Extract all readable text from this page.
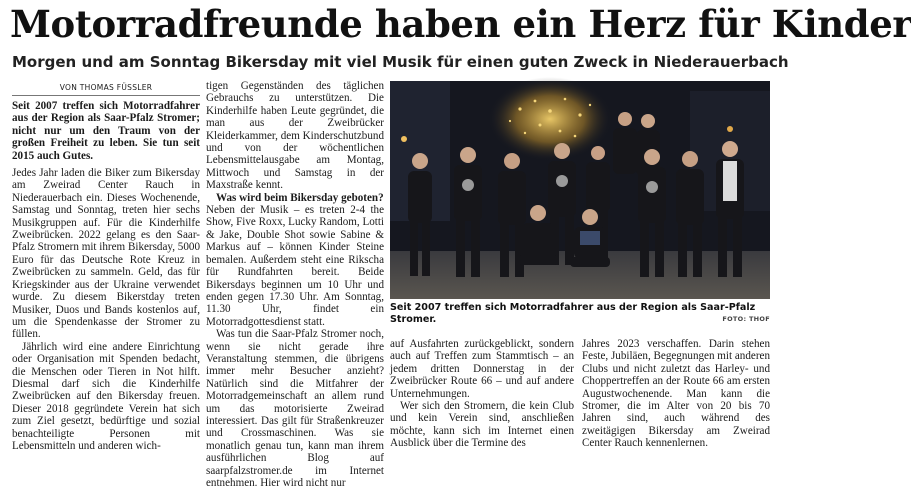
Motorradfreunde haben ein Herz für Kinder
Morgen und am Sonntag Bikersday mit viel Musik für einen guten Zweck in Niederauerbach
VON THOMAS FÜSSLER

Seit 2007 treffen sich Motorradfahrer aus der Region als Saar-Pfalz Stromer; nicht nur um den Traum von der großen Freiheit zu leben. Sie tun seit 2015 auch Gutes.

Jedes Jahr laden die Biker zum Bikersday am Zweirad Center Rauch in Niederauerbach ein. Dieses Wochenende, Samstag und Sonntag, treten hier sechs Musikgruppen auf. Für die Kinderhilfe Zweibrücken. 2022 gelang es den Saar-Pfalz Stromern mit ihrem Bikersday, 5000 Euro für das Deutsche Rote Kreuz in Zweibrücken zu sammeln. Geld, das für Kriegskinder aus der Ukraine verwendet wurde. Zu diesem Bikerstday treten Musiker, Duos und Bands kostenlos auf, um die Spendenkasse der Stromer zu füllen.

Jährlich wird eine andere Einrichtung oder Organisation mit Spenden bedacht, die Menschen oder Tieren in Not hilft. Diesmal darf sich die Kinderhilfe Zweibrücken auf den Bikersday freuen. Dieser 2018 gegründete Verein hat sich zum Ziel gesetzt, bedürftige und sozial benachteiligte Personen mit Lebensmitteln und anderen wich-

tigen Gegenständen des täglichen Gebrauchs zu unterstützen. Die Kinderhilfe haben Leute gegründet, die man aus der Zweibrücker Kleiderkammer, dem Kinderschutzbund und von der wöchentlichen Lebensmittelausgabe am Montag, Mittwoch und Samstag in der Maxstraße kennt.

Was wird beim Bikersday geboten?

Neben der Musik – es treten 2-4 the Show, Five Roxx, Lucky Random, Lotti & Jake, Double Shot sowie Sabine & Markus auf – können Kinder Steine bemalen. Außerdem steht eine Rikscha für Rundfahrten bereit. Beide Bikersdays beginnen um 10 Uhr und enden gegen 17.30 Uhr. Am Sonntag, 11.30 Uhr, findet ein Motorradgottesdienst statt.

Was tun die Saar-Pfalz Stromer noch, wenn sie nicht gerade ihre Veranstaltung stemmen, die übrigens immer mehr Besucher anzieht? Natürlich sind die Mitfahrer der Motorradgemeinschaft an allem rund um das motorisierte Zweirad interessiert. Das gilt für Straßenkreuzer und Crossmaschinen. Was sie monatlich genau tun, kann man ihrem ausführlichen Blog auf saarpfalzstromer.de im Internet entnehmen. Hier wird nicht nur

Seit 2007 treffen sich Motorradfahrer aus der Region als Saar-Pfalz Stromer.	FOTO: THOF

auf Ausfahrten zurückgeblickt, sondern auch auf Treffen zum Stammtisch – an jedem dritten Donnerstag in der Zweibrücker Route 66 – und auf andere Unternehmungen.

Wer sich den Stromern, die kein Club und kein Verein sind, anschließen möchte, kann sich im Internet einen Ausblick über die Termine des

Jahres 2023 verschaffen. Darin stehen Feste, Jubiläen, Begegnungen mit anderen Clubs und nicht zuletzt das Harley- und Choppertreffen an der Route 66 am ersten Augustwochenende. Man kann die Stromer, die im Alter von 20 bis 70 Jahren sind, auch während des zweitägigen Bikersday am Zweirad Center Rauch kennenlernen.
